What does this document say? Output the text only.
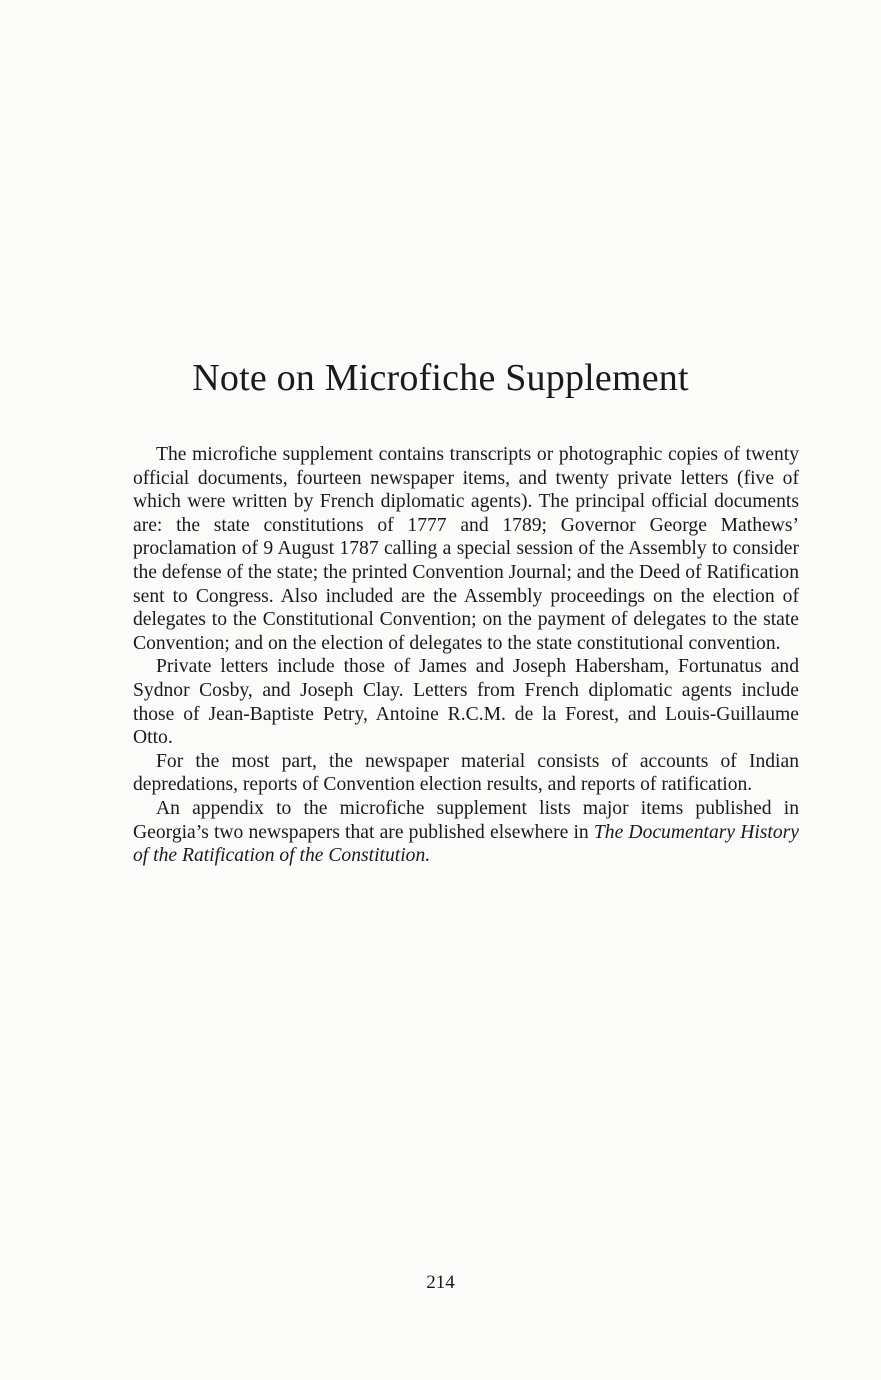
Note on Microfiche Supplement

The microfiche supplement contains transcripts or photographic copies of twenty official documents, fourteen newspaper items, and twenty private letters (five of which were written by French diplomatic agents). The principal official documents are: the state constitutions of 1777 and 1789; Governor George Mathews’ proclamation of 9 August 1787 calling a special session of the Assembly to consider the defense of the state; the printed Convention Journal; and the Deed of Ratification sent to Congress. Also included are the Assembly proceedings on the election of delegates to the Constitutional Convention; on the payment of delegates to the state Convention; and on the election of delegates to the state constitutional convention.

Private letters include those of James and Joseph Habersham, Fortunatus and Sydnor Cosby, and Joseph Clay. Letters from French diplomatic agents include those of Jean-Baptiste Petry, Antoine R.C.M. de la Forest, and Louis-Guillaume Otto.

For the most part, the newspaper material consists of accounts of Indian depredations, reports of Convention election results, and reports of ratification.

An appendix to the microfiche supplement lists major items published in Georgia’s two newspapers that are published elsewhere in The Documentary History of the Ratification of the Constitution.

214
